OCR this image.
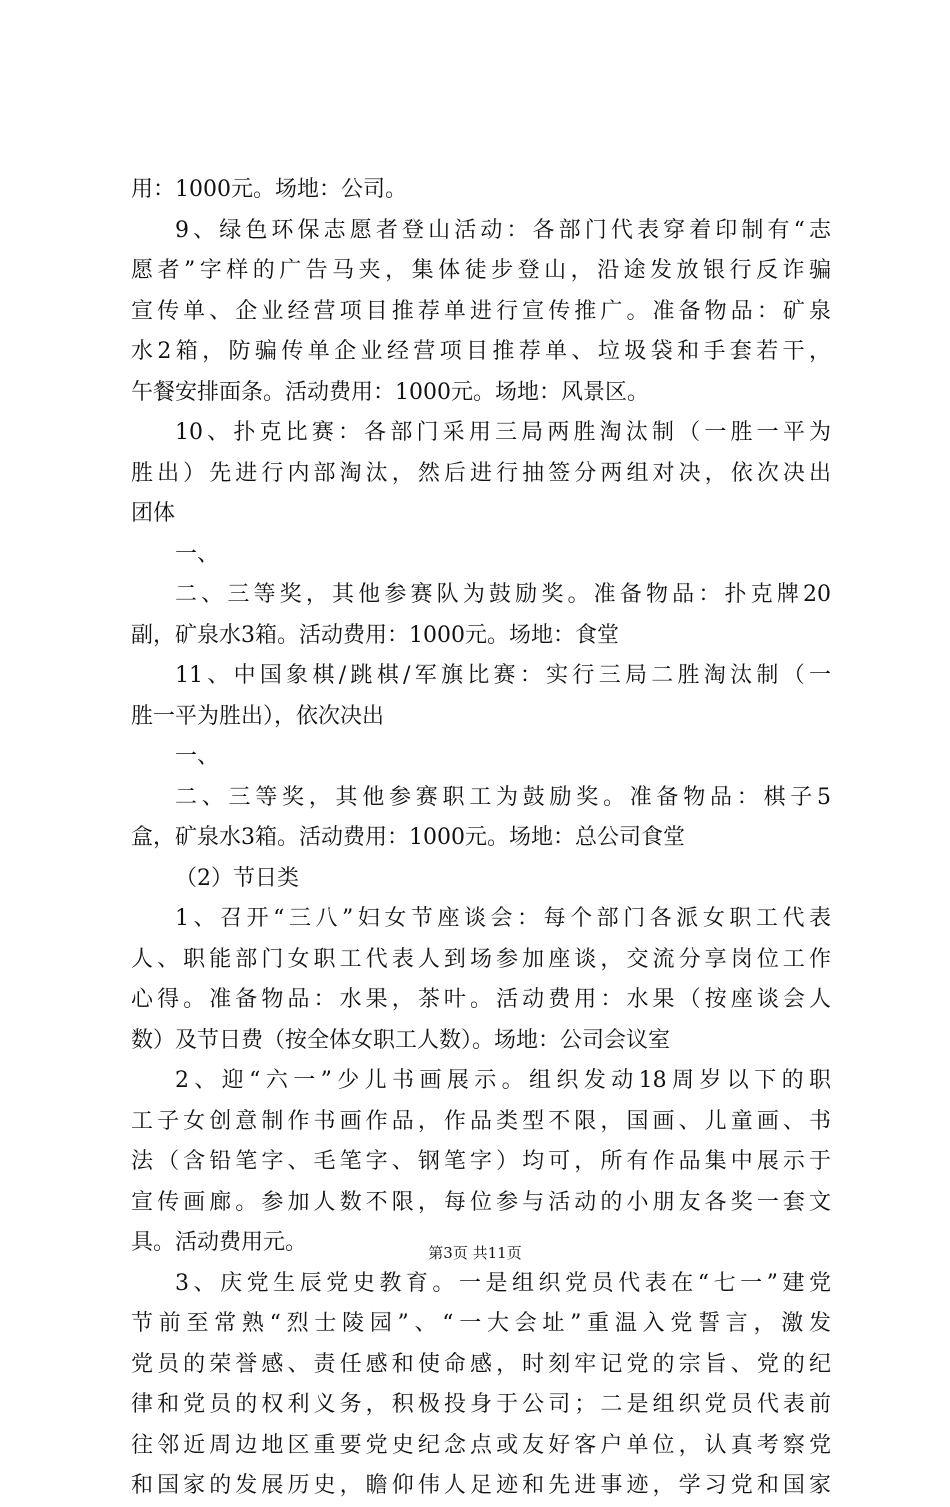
用：1000元。场地：公司。
9、绿色环保志愿者登山活动：各部门代表穿着印制有“志
愿者”字样的广告马夹，集体徒步登山，沿途发放银行反诈骗
宣传单、企业经营项目推荐单进行宣传推广。准备物品：矿泉
水2箱，防骗传单企业经营项目推荐单、垃圾袋和手套若干，
午餐安排面条。活动费用：1000元。场地：风景区。
10、扑克比赛：各部门采用三局两胜淘汰制（一胜一平为
胜出）先进行内部淘汰，然后进行抽签分两组对决，依次决出
团体
一、
二、三等奖，其他参赛队为鼓励奖。准备物品：扑克牌20
副，矿泉水3箱。活动费用：1000元。场地：食堂
11、中国象棋/跳棋/军旗比赛：实行三局二胜淘汰制（一
胜一平为胜出），依次决出
一、
二、三等奖，其他参赛职工为鼓励奖。准备物品：棋子5
盒，矿泉水3箱。活动费用：1000元。场地：总公司食堂
（2）节日类
1、召开“三八”妇女节座谈会：每个部门各派女职工代表
人、职能部门女职工代表人到场参加座谈，交流分享岗位工作
心得。准备物品：水果，茶叶。活动费用：水果（按座谈会人
数）及节日费（按全体女职工人数）。场地：公司会议室
2、迎“六一”少儿书画展示。组织发动18周岁以下的职
工子女创意制作书画作品，作品类型不限，国画、儿童画、书
法（含铅笔字、毛笔字、钢笔字）均可，所有作品集中展示于
宣传画廊。参加人数不限，每位参与活动的小朋友各奖一套文
具。活动费用元。
3、庆党生辰党史教育。一是组织党员代表在“七一”建党
节前至常熟“烈士陵园”、“一大会址”重温入党誓言，激发
党员的荣誉感、责任感和使命感，时刻牢记党的宗旨、党的纪
律和党员的权利义务，积极投身于公司；二是组织党员代表前
往邻近周边地区重要党史纪念点或友好客户单位，认真考察党
和国家的发展历史，瞻仰伟人足迹和先进事迹，学习党和国家
第3页 共11页
